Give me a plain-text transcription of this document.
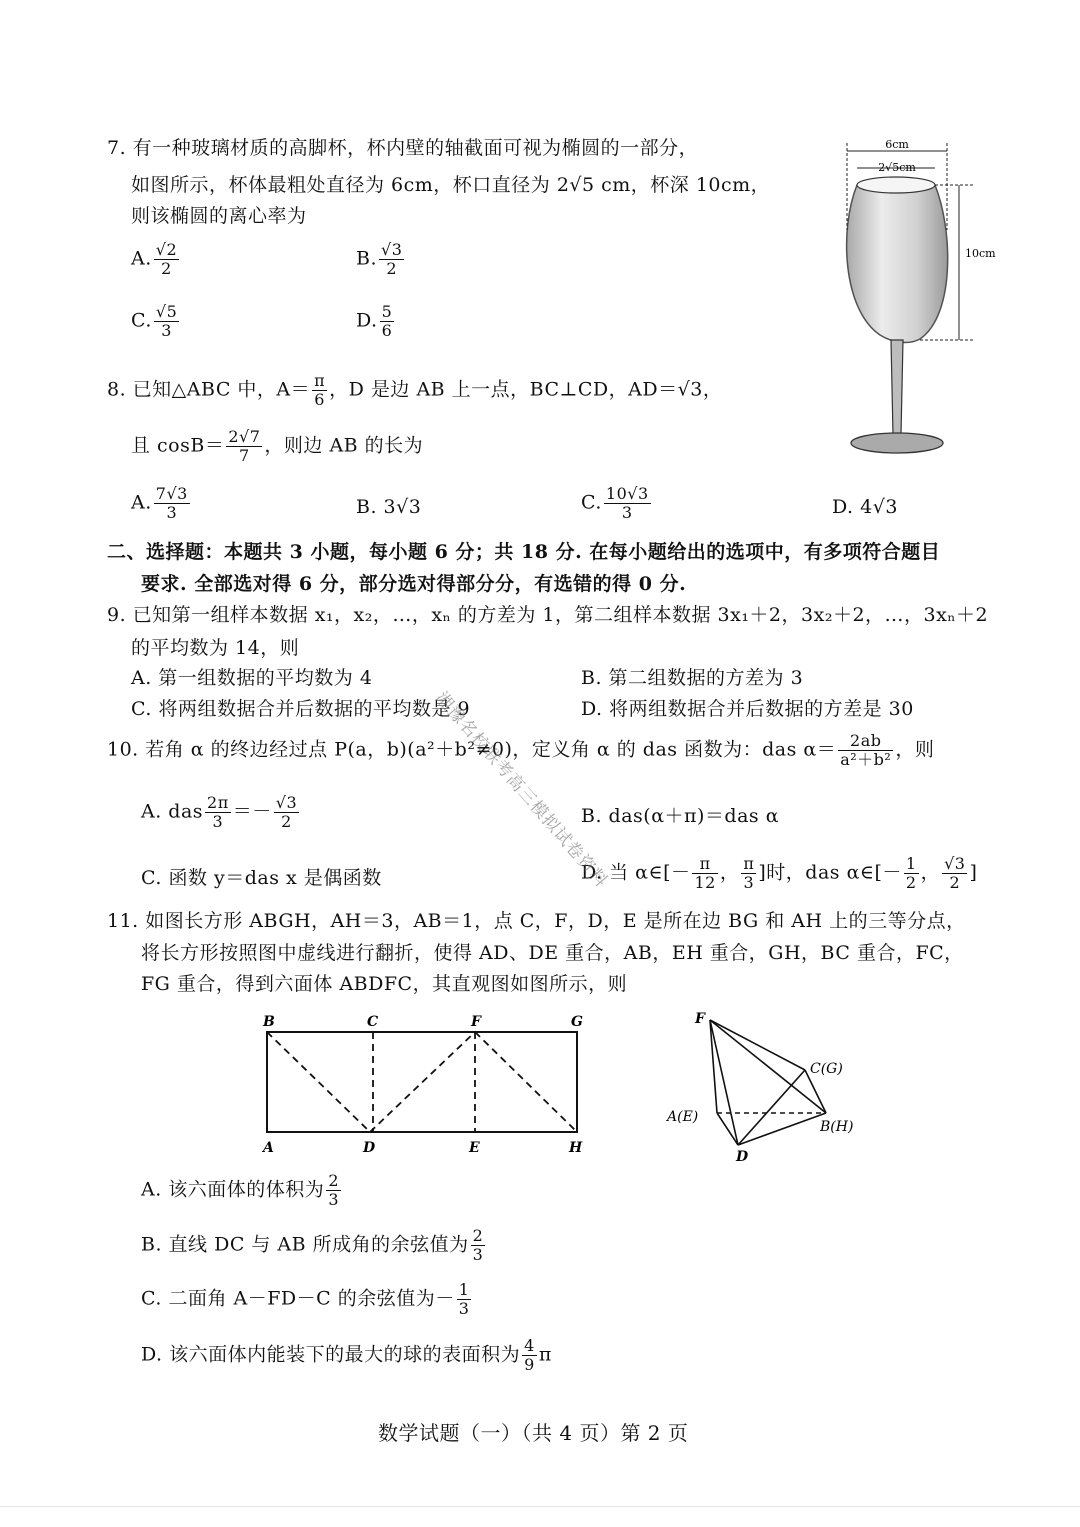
7. 有一种玻璃材质的高脚杯，杯内壁的轴截面可视为椭圆的一部分，
如图所示，杯体最粗处直径为 6cm，杯口直径为 2√5 cm，杯深 10cm，
则该椭圆的离心率为
A. $\frac{√2}{2}$	B. $\frac{√3}{2}$
C. $\frac{√5}{3}$	D. $\frac{5}{6}$
6cm
2√5cm
10cm
8. 已知△ABC 中，$A= \frac{\pi}{6}$ ，D 是边 AB 上一点，BC⊥CD，AD＝√3，
且 $\cos B= \frac{2√7}{7}$ ，则边 AB 的长为
A. $\frac{7√3}{3}$	B. 3√3	C. $\frac{10√3}{3}$	D. 4√3
二、选择题：本题共 3 小题，每小题 6 分；共 18 分. 在每小题给出的选项中，有多项符合题目
要求. 全部选对得 6 分，部分选对得部分分，有选错的得 0 分.
9. 已知第一组样本数据 x₁，x₂，…，xₙ 的方差为 1，第二组样本数据 3x₁＋2，3x₂＋2，…，3xₙ＋2
的平均数为 14，则
A. 第一组数据的平均数为 4	B. 第二组数据的方差为 3
C. 将两组数据合并后数据的平均数是 9	D. 将两组数据合并后数据的方差是 30
10. 若角 α 的终边经过点 P(a，b)(a²＋b²≠0)，定义角 α 的 das 函数为：das $\alpha= \frac{2ab}{\text{a²＋b²}}$ ，则
A. das $\frac{2\pi}{3} =- \frac{√3}{2}$	B. das(α＋π)＝das α
C. 函数 y＝das x 是偶函数	D. 当 α∈[－ $\frac{\pi}{12}$ ， $\frac{\pi}{3}$ ]时，das α∈[－ $\frac{1}{2}$ ， $\frac{√3}{2}$ ]
11. 如图长方形 ABGH，AH＝3，AB＝1，点 C，F，D，E 是所在边 BG 和 AH 上的三等分点，
将长方形按照图中虚线进行翻折，使得 AD、DE 重合，AB，EH 重合，GH，BC 重合，FC，
FG 重合，得到六面体 ABDFC，其直观图如图所示，则
B	C	F	G
A	D	E	H
F
C(G)
A(E)
B(H)
D
A. 该六面体的体积为 $\frac{2}{3}$
B. 直线 DC 与 AB 所成角的余弦值为 $\frac{2}{3}$
C. 二面角 A－FD－C 的余弦值为－ $\frac{1}{3}$
D. 该六面体内能装下的最大的球的表面积为 $\frac{4}{9}$ π
湘豫名校联考高三模拟试卷资料
数学试题（一）（共 4 页）第 2 页
